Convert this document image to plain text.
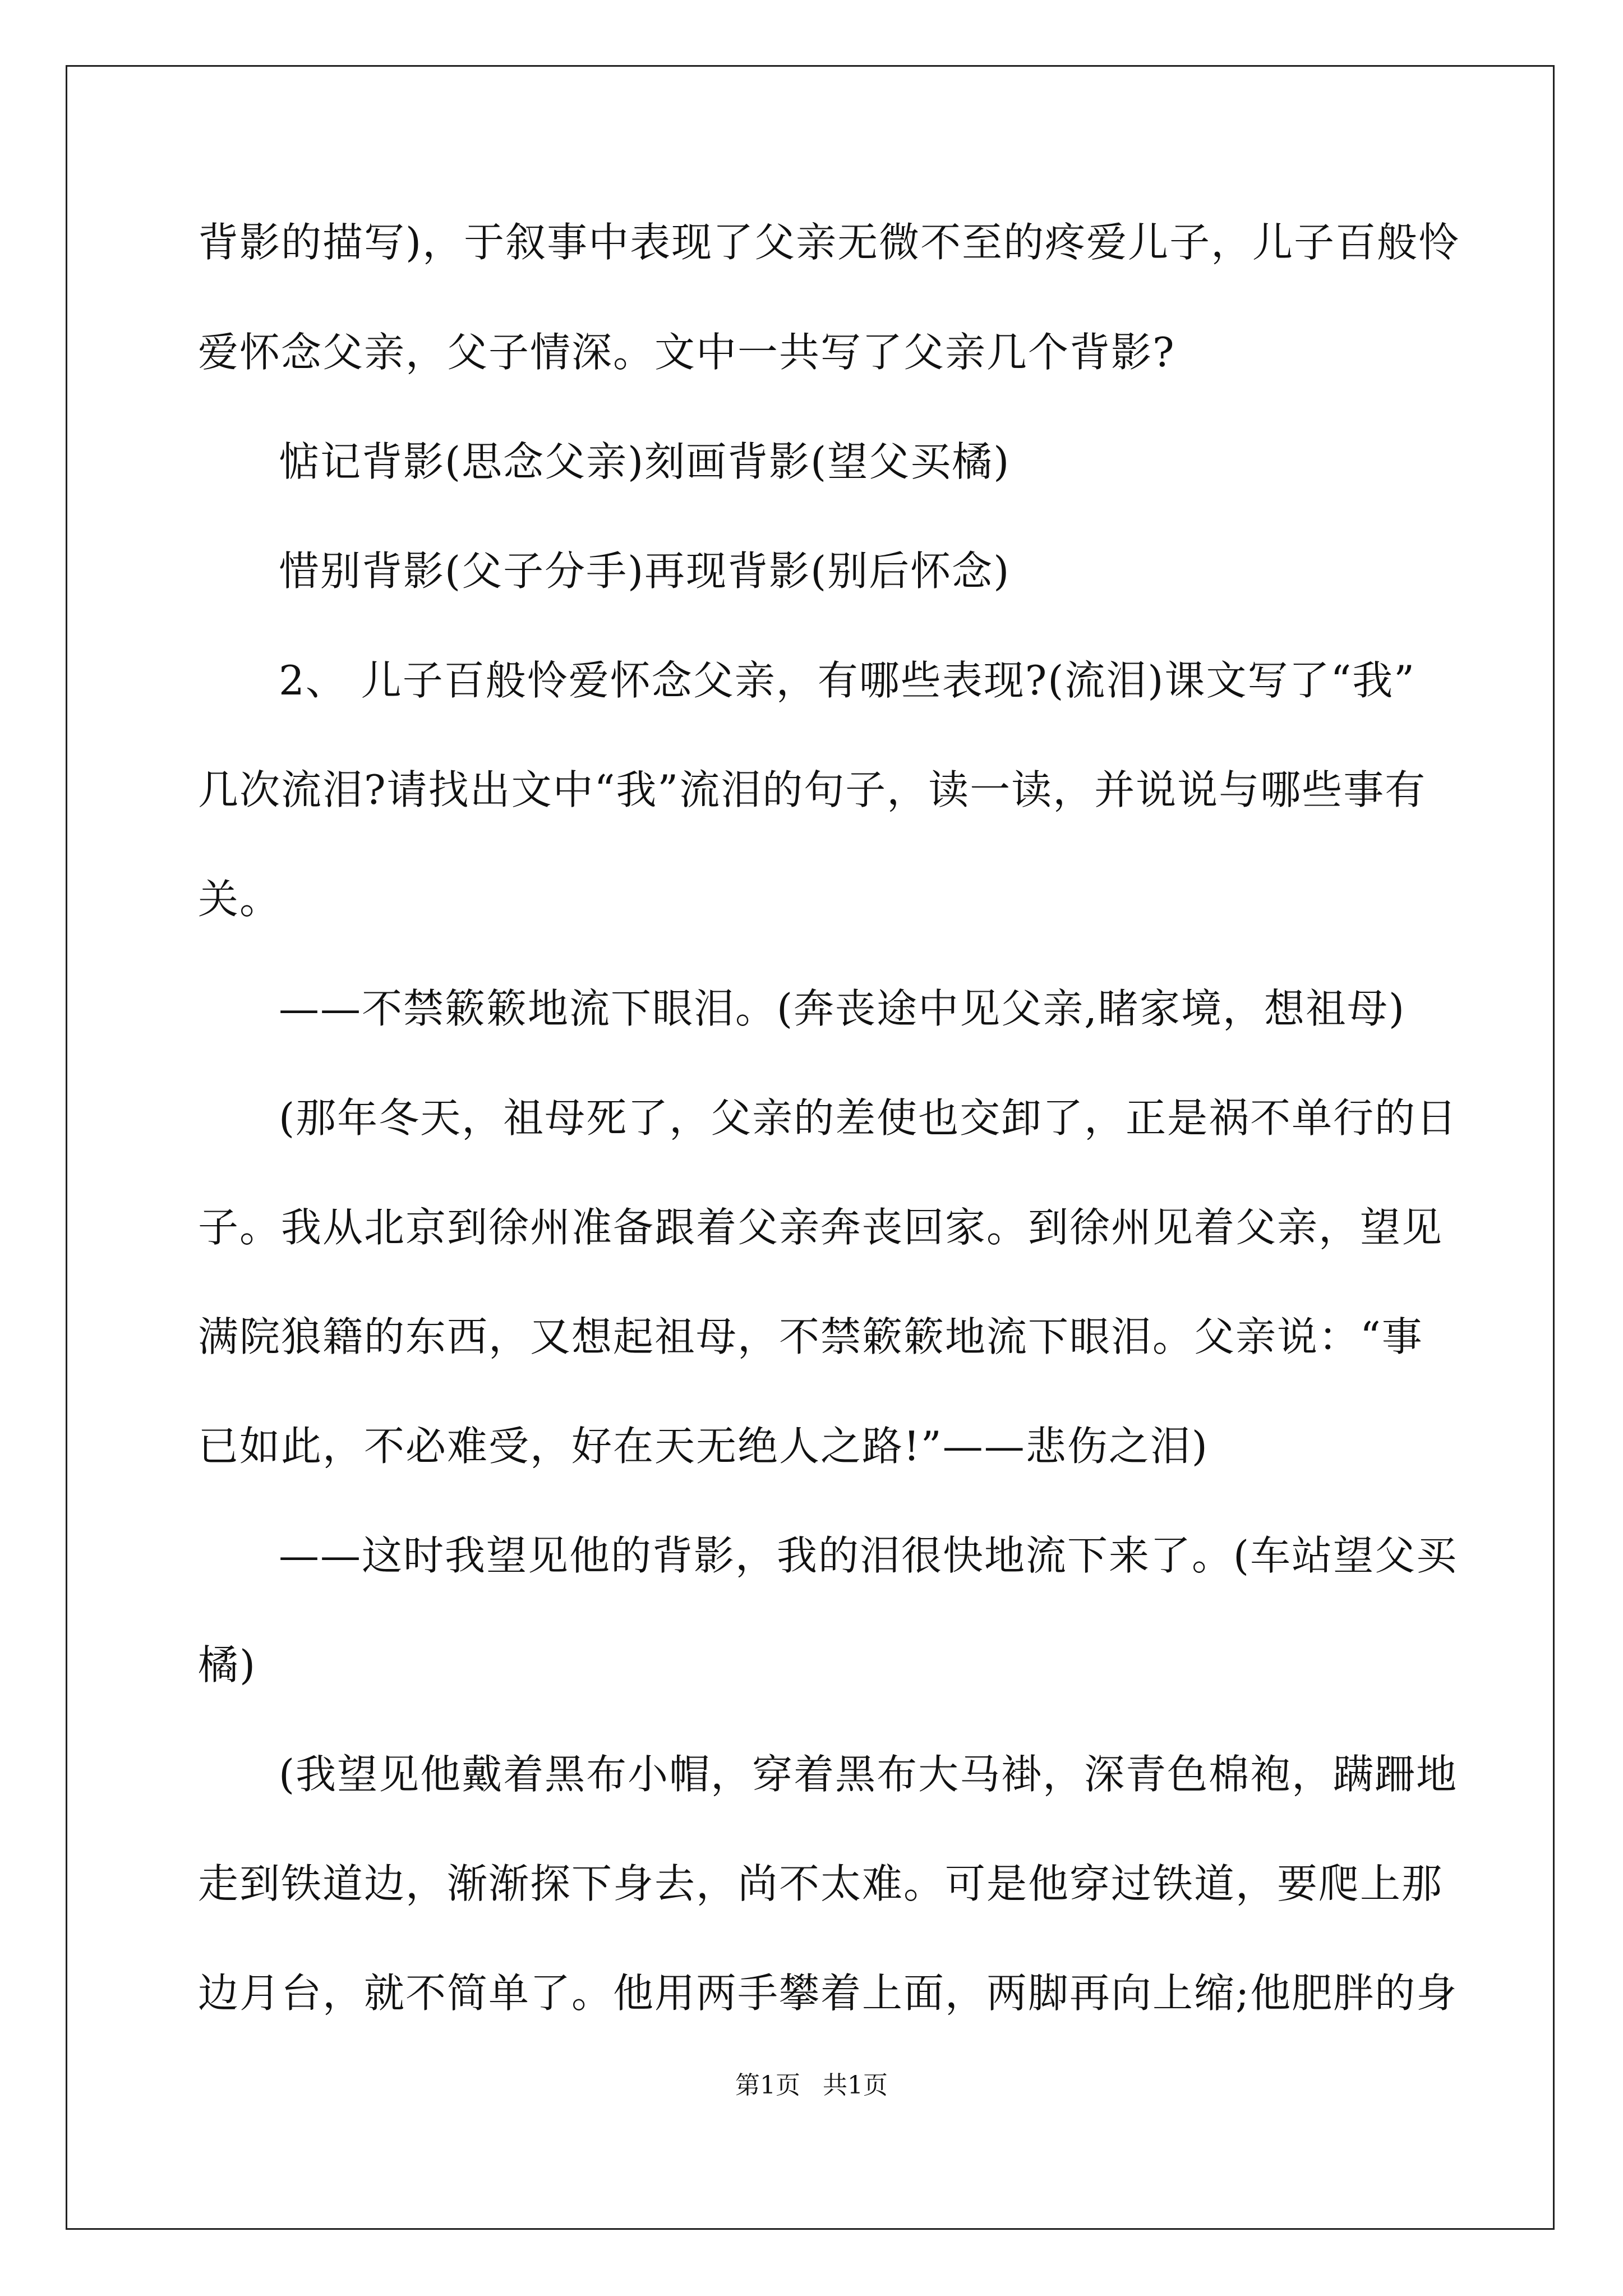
背影的描写)，于叙事中表现了父亲无微不至的疼爱儿子，儿子百般怜
爱怀念父亲，父子情深。文中一共写了父亲几个背影?
惦记背影(思念父亲)刻画背影(望父买橘)
惜别背影(父子分手)再现背影(别后怀念)
2、 儿子百般怜爱怀念父亲，有哪些表现?(流泪)课文写了“我”
几次流泪?请找出文中“我”流泪的句子，读一读，并说说与哪些事有
关。
——不禁簌簌地流下眼泪。(奔丧途中见父亲,睹家境，想祖母)
(那年冬天，祖母死了，父亲的差使也交卸了，正是祸不单行的日
子。我从北京到徐州准备跟着父亲奔丧回家。到徐州见着父亲，望见
满院狼籍的东西，又想起祖母，不禁簌簌地流下眼泪。父亲说：“事
已如此，不必难受，好在天无绝人之路!”——悲伤之泪)
——这时我望见他的背影，我的泪很快地流下来了。(车站望父买
橘)
(我望见他戴着黑布小帽，穿着黑布大马褂，深青色棉袍，蹒跚地
走到铁道边，渐渐探下身去，尚不太难。可是他穿过铁道，要爬上那
边月台，就不简单了。他用两手攀着上面，两脚再向上缩;他肥胖的身
第1页 共1页
